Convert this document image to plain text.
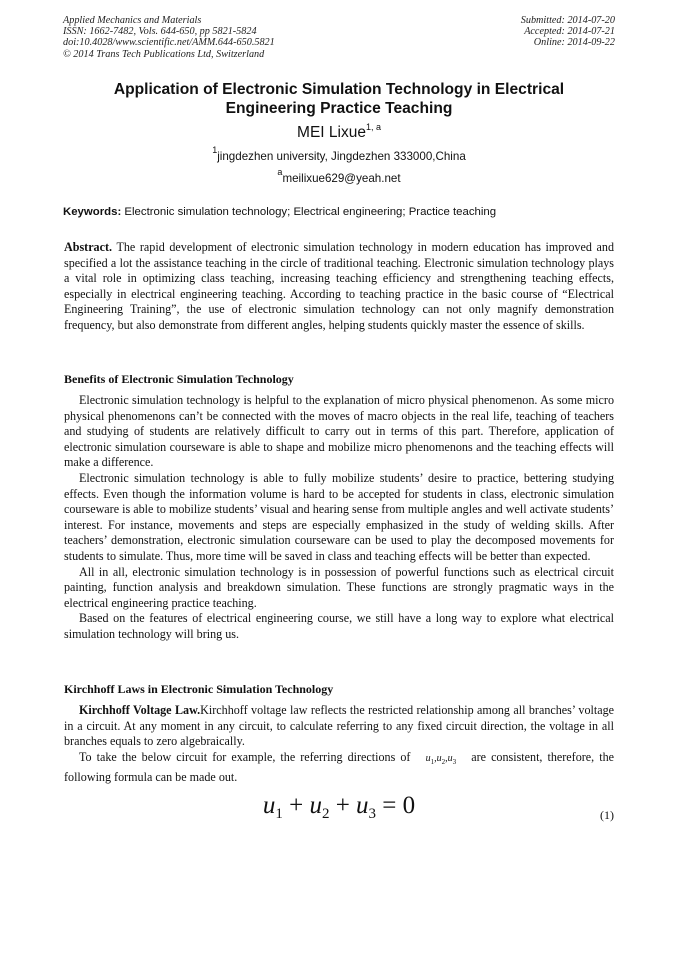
Applied Mechanics and Materials
ISSN: 1662-7482, Vols. 644-650, pp 5821-5824
doi:10.4028/www.scientific.net/AMM.644-650.5821
© 2014 Trans Tech Publications Ltd, Switzerland
Submitted: 2014-07-20
Accepted: 2014-07-21
Online: 2014-09-22
Application of Electronic Simulation Technology in Electrical
Engineering Practice Teaching
MEI Lixue$^{1, a}$
$^1$jingdezhen university, Jingdezhen 333000,China
$^a$meilixue629@yeah.net
Keywords: Electronic simulation technology; Electrical engineering; Practice teaching

Abstract. The rapid development of electronic simulation technology in modern education has improved and specified a lot the assistance teaching in the circle of traditional teaching. Electronic simulation technology plays a vital role in optimizing class teaching, increasing teaching efficiency and strengthening teaching effects, especially in electrical engineering teaching. According to teaching practice in the basic course of “Electrical Engineering Training”, the use of electronic simulation technology can not only magnify demonstration frequency, but also demonstrate from different angles, helping students quickly master the essence of skills.

Benefits of Electronic Simulation Technology

Electronic simulation technology is helpful to the explanation of micro physical phenomenon. As some micro physical phenomenons can’t be connected with the moves of macro objects in the real life, teaching of teachers and studying of students are relatively difficult to carry out in terms of this part. Therefore, application of electronic simulation courseware is able to shape and mobilize micro phenomenons and the teaching effects will make a difference.

Electronic simulation technology is able to fully mobilize students’ desire to practice, bettering studying effects. Even though the information volume is hard to be accepted for students in class, electronic simulation courseware is able to mobilize students’ visual and hearing sense from multiple angles and well activate students’ interest. For instance, movements and steps are especially emphasized in the study of welding skills. After teachers’ demonstration, electronic simulation courseware can be used to play the decomposed movements for students to simulate. Thus, more time will be saved in class and teaching effects will be better than expected.

All in all, electronic simulation technology is in possession of powerful functions such as electrical circuit painting, function analysis and breakdown simulation. These functions are strongly pragmatic ways in the electrical engineering practice teaching.

Based on the features of electrical engineering course, we still have a long way to explore what electrical simulation technology will bring us.

Kirchhoff Laws in Electronic Simulation Technology

Kirchhoff Voltage Law.Kirchhoff voltage law reflects the restricted relationship among all branches’ voltage in a circuit. At any moment in any circuit, to calculate referring to any fixed circuit direction, the voltage in all branches equals to zero algebraically.

To take the below circuit for example, the referring directions of $u_1,u_2,u_3$ are consistent, therefore, the following formula can be made out.

$u_1 + u_2 + u_3 = 0$	(1)
